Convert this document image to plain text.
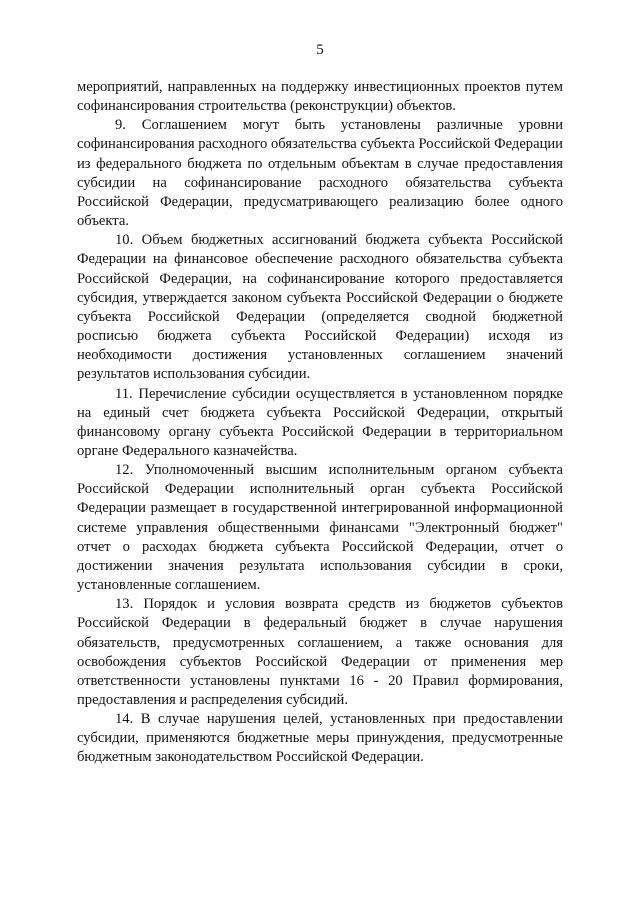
5

мероприятий, направленных на поддержку инвестиционных проектов путем софинансирования строительства (реконструкции) объектов.

9. Соглашением могут быть установлены различные уровни софинансирования расходного обязательства субъекта Российской Федерации из федерального бюджета по отдельным объектам в случае предоставления субсидии на софинансирование расходного обязательства субъекта Российской Федерации, предусматривающего реализацию более одного объекта.

10. Объем бюджетных ассигнований бюджета субъекта Российской Федерации на финансовое обеспечение расходного обязательства субъекта Российской Федерации, на софинансирование которого предоставляется субсидия, утверждается законом субъекта Российской Федерации о бюджете субъекта Российской Федерации (определяется сводной бюджетной росписью бюджета субъекта Российской Федерации) исходя из необходимости достижения установленных соглашением значений результатов использования субсидии.

11. Перечисление субсидии осуществляется в установленном порядке на единый счет бюджета субъекта Российской Федерации, открытый финансовому органу субъекта Российской Федерации в территориальном органе Федерального казначейства.

12. Уполномоченный высшим исполнительным органом субъекта Российской Федерации исполнительный орган субъекта Российской Федерации размещает в государственной интегрированной информационной системе управления общественными финансами "Электронный бюджет" отчет о расходах бюджета субъекта Российской Федерации, отчет о достижении значения результата использования субсидии в сроки, установленные соглашением.

13. Порядок и условия возврата средств из бюджетов субъектов Российской Федерации в федеральный бюджет в случае нарушения обязательств, предусмотренных соглашением, а также основания для освобождения субъектов Российской Федерации от применения мер ответственности установлены пунктами 16 - 20 Правил формирования, предоставления и распределения субсидий.

14. В случае нарушения целей, установленных при предоставлении субсидии, применяются бюджетные меры принуждения, предусмотренные бюджетным законодательством Российской Федерации.
